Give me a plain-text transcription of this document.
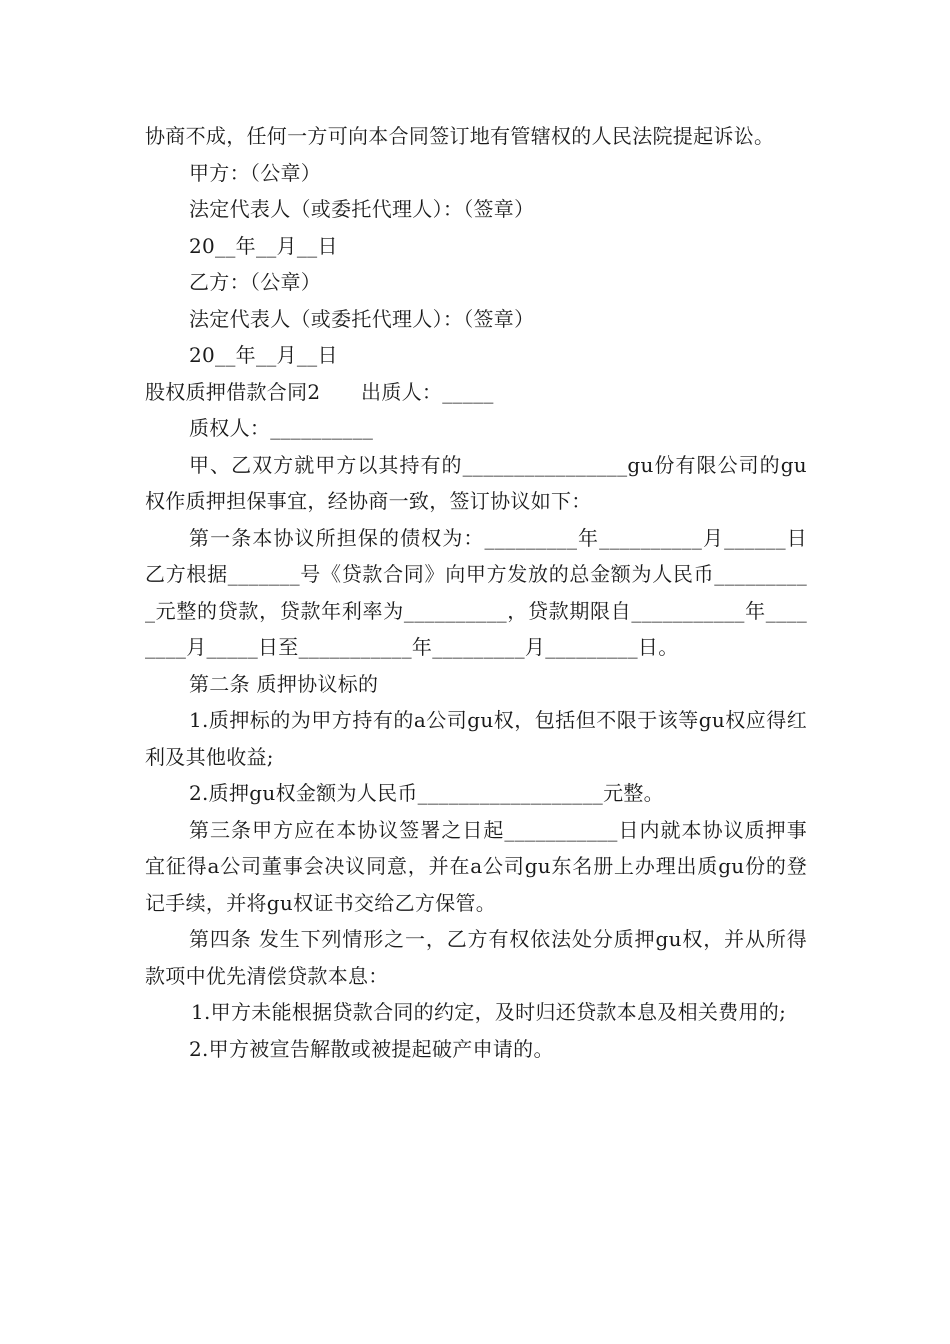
协商不成，任何一方可向本合同签订地有管辖权的人民法院提起诉讼。

甲方：（公章）

法定代表人（或委托代理人）：（签章）

20__年__月__日

乙方：（公章）

法定代表人（或委托代理人）：（签章）

20__年__月__日

股权质押借款合同2　　出质人：_____

质权人：__________

甲、乙双方就甲方以其持有的________________gu份有限公司的gu权作质押担保事宜，经协商一致，签订协议如下：

第一条本协议所担保的债权为：_________年__________月______日乙方根据_______号《贷款合同》向甲方发放的总金额为人民币__________元整的贷款，贷款年利率为__________，贷款期限自___________年________月_____日至___________年_________月_________日。

第二条 质押协议标的

1.质押标的为甲方持有的a公司gu权，包括但不限于该等gu权应得红利及其他收益;

2.质押gu权金额为人民币__________________元整。

第三条甲方应在本协议签署之日起___________日内就本协议质押事宜征得a公司董事会决议同意，并在a公司gu东名册上办理出质gu份的登记手续，并将gu权证书交给乙方保管。

第四条 发生下列情形之一，乙方有权依法处分质押gu权，并从所得款项中优先清偿贷款本息：

1.甲方未能根据贷款合同的约定，及时归还贷款本息及相关费用的;

2.甲方被宣告解散或被提起破产申请的。
